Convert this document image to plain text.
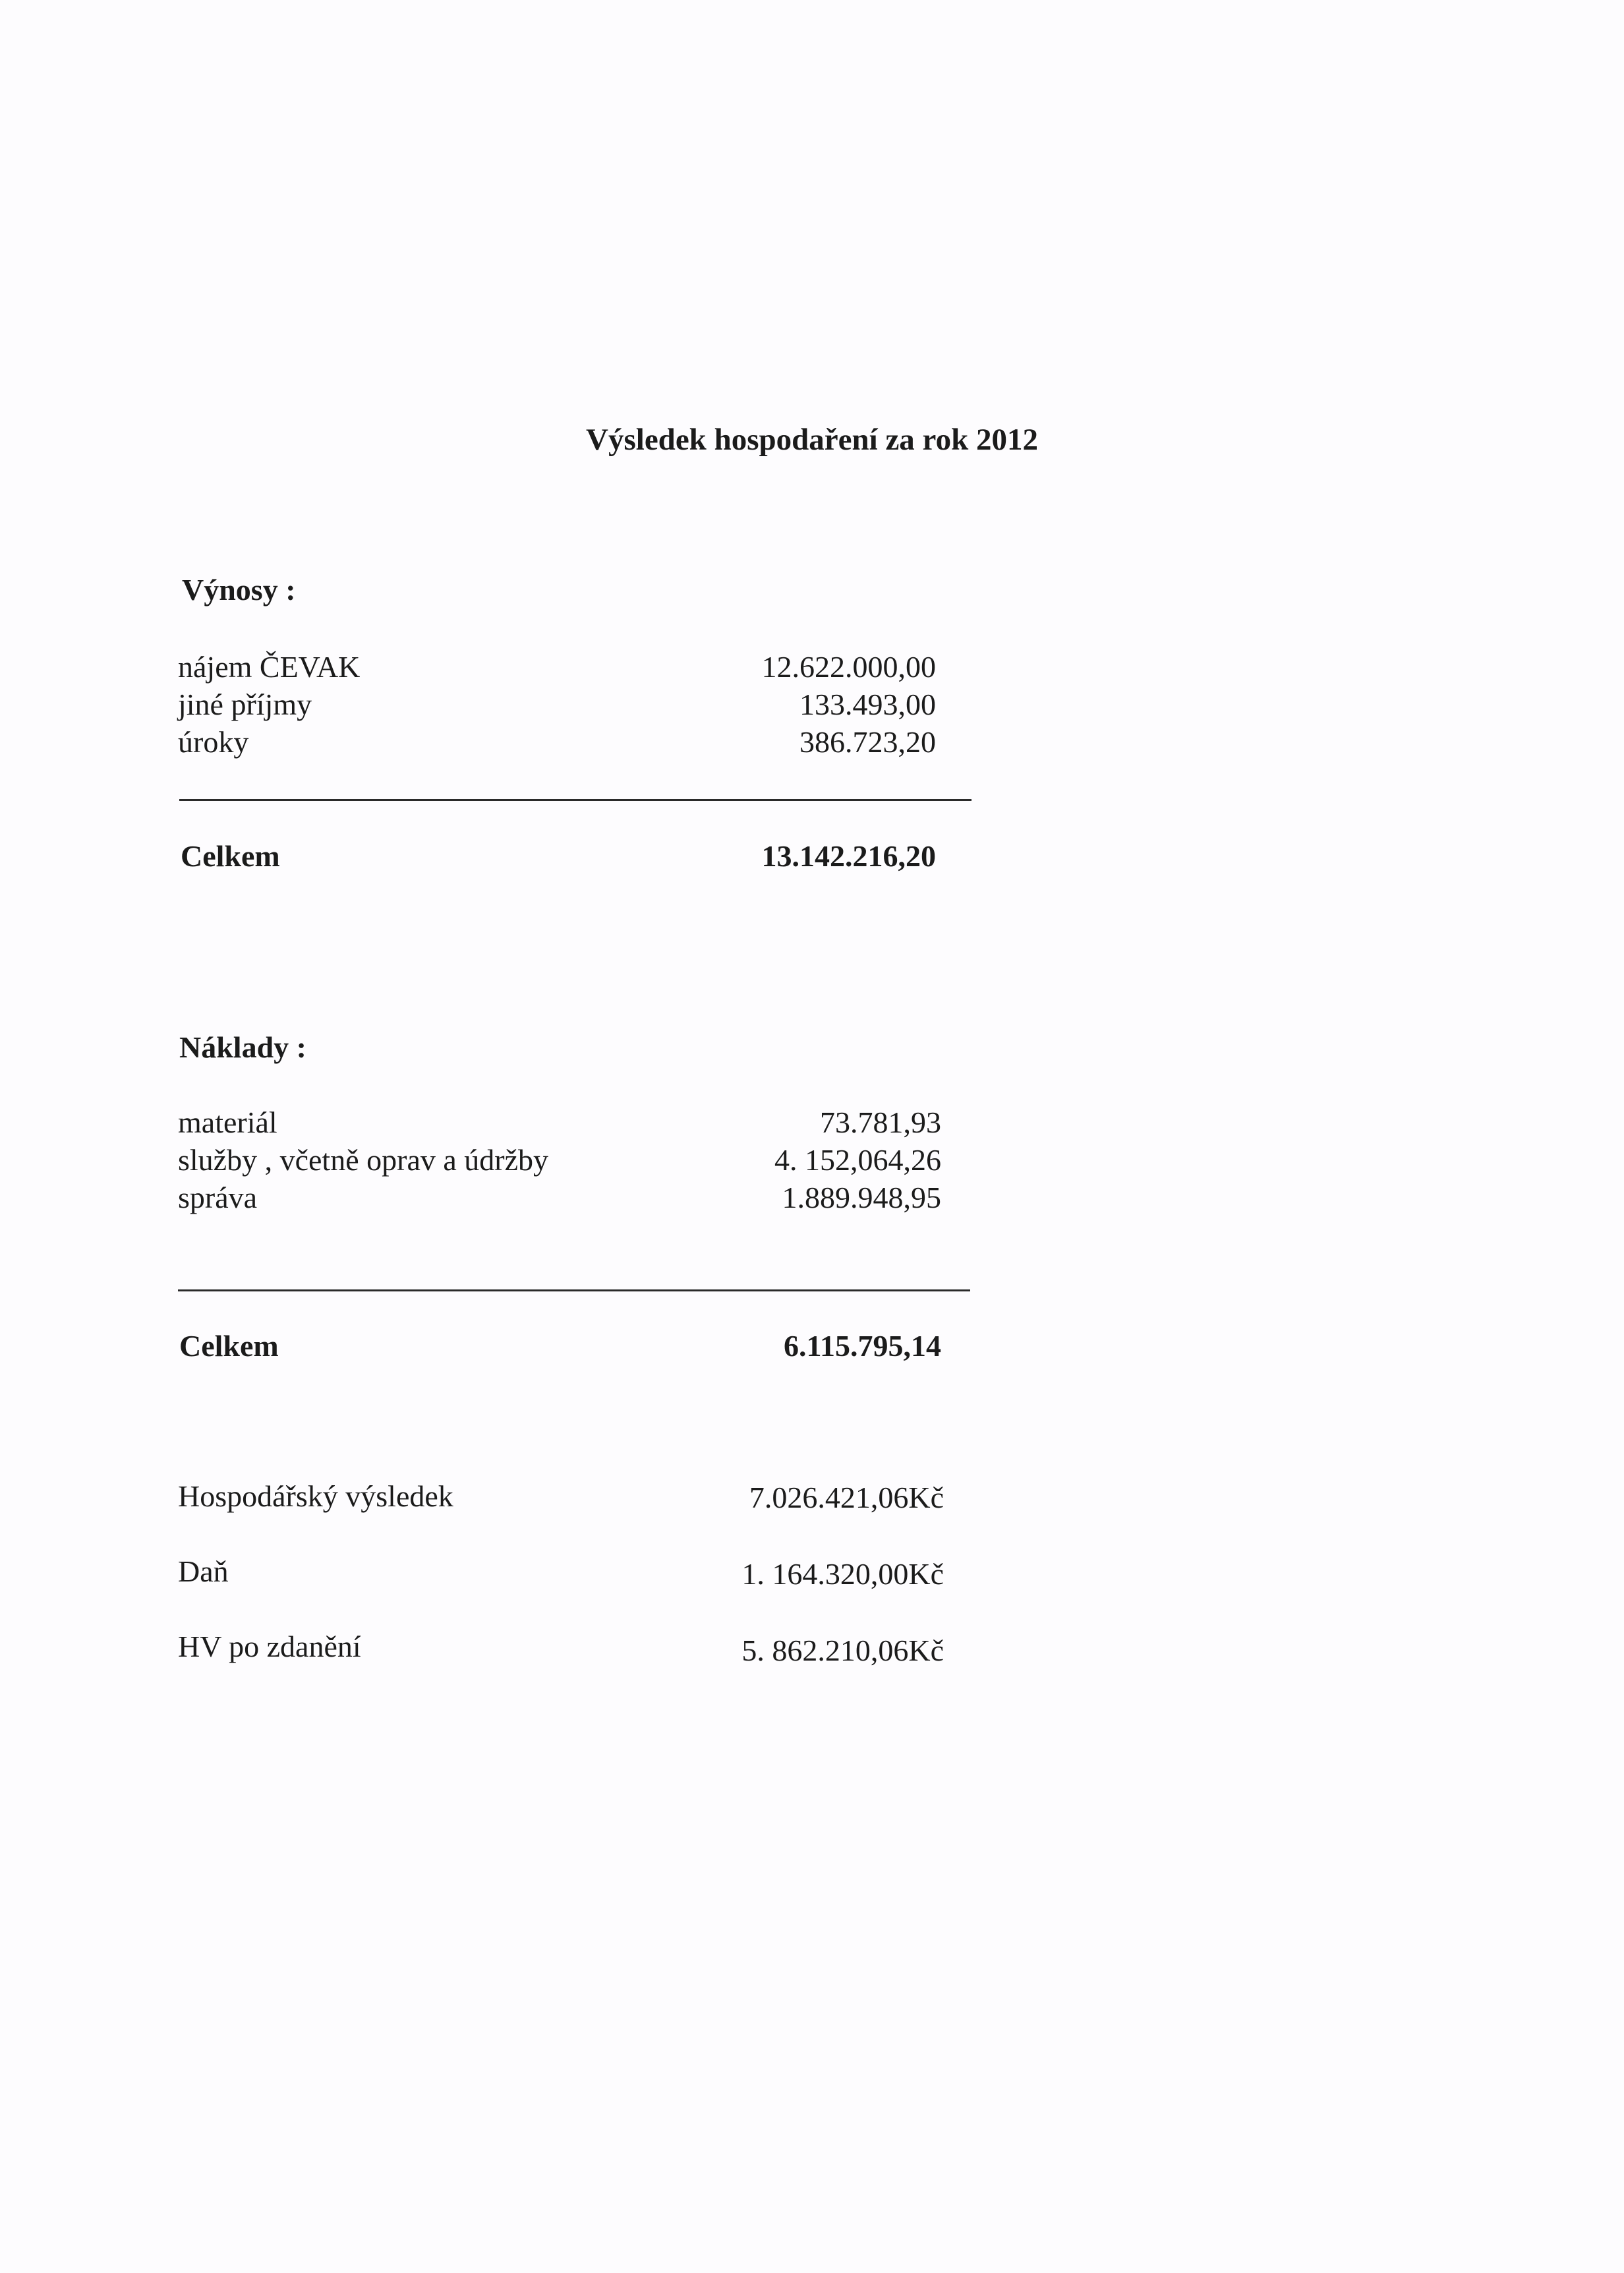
Výsledek hospodaření za rok 2012
Výnosy :
nájem ČEVAK	12.622.000,00
jiné příjmy	133.493,00
úroky	386.723,20
Celkem	13.142.216,20
Náklady :
materiál	73.781,93
služby , včetně oprav a údržby	4. 152,064,26
správa	1.889.948,95
Celkem	6.115.795,14
Hospodářský výsledek	7.026.421,06Kč
Daň	1. 164.320,00Kč
HV po zdanění	5. 862.210,06Kč
